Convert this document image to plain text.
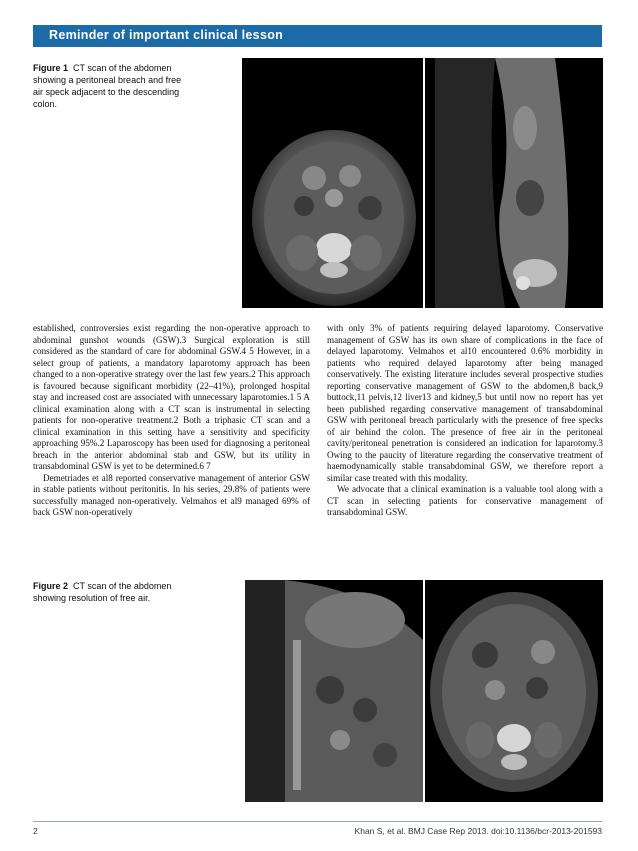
Reminder of important clinical lesson
Figure 1 CT scan of the abdomen showing a peritoneal breach and free air speck adjacent to the descending colon.

established, controversies exist regarding the non-operative approach to abdominal gunshot wounds (GSW).3 Surgical exploration is still considered as the standard of care for abdominal GSW.4 5 However, in a select group of patients, a mandatory laparotomy approach has been changed to a non-operative strategy over the last few years.2 This approach is favoured because significant morbidity (22–41%), prolonged hospital stay and increased cost are associated with unnecessary laparotomies.1 5 A clinical examination along with a CT scan is instrumental in selecting patients for non-operative treatment.2 Both a triphasic CT scan and a clinical examination in this setting have a sensitivity and specificity approaching 95%.2 Laparoscopy has been used for diagnosing a peritoneal breach in the anterior abdominal stab and GSW, but its utility in transabdominal GSW is yet to be determined.6 7

Demetriades et al8 reported conservative management of anterior GSW in stable patients without peritonitis. In his series, 29.8% of patients were successfully managed non-operatively. Velmahos et al9 managed 69% of back GSW non-operatively

with only 3% of patients requiring delayed laparotomy. Conservative management of GSW has its own share of complications in the face of delayed laparotomy. Velmahos et al10 encountered 0.6% morbidity in patients who required delayed laparotomy after being managed conservatively. The existing literature includes several prospective studies reporting conservative management of GSW to the abdomen,8 back,9 buttock,11 pelvis,12 liver13 and kidney,5 but until now no report has yet been published regarding conservative management of transabdominal GSW with peritoneal breach particularly with the presence of free specks of air behind the colon. The presence of free air in the peritoneal cavity/peritoneal penetration is considered an indication for laparotomy.3 Owing to the paucity of literature regarding the conservative treatment of haemodynamically stable transabdominal GSW, we therefore report a similar case treated with this modality.

We advocate that a clinical examination is a valuable tool along with a CT scan in selecting patients for conservative management of transabdominal GSW.

Figure 2 CT scan of the abdomen showing resolution of free air.
2	Khan S, et al. BMJ Case Rep 2013. doi:10.1136/bcr-2013-201593
